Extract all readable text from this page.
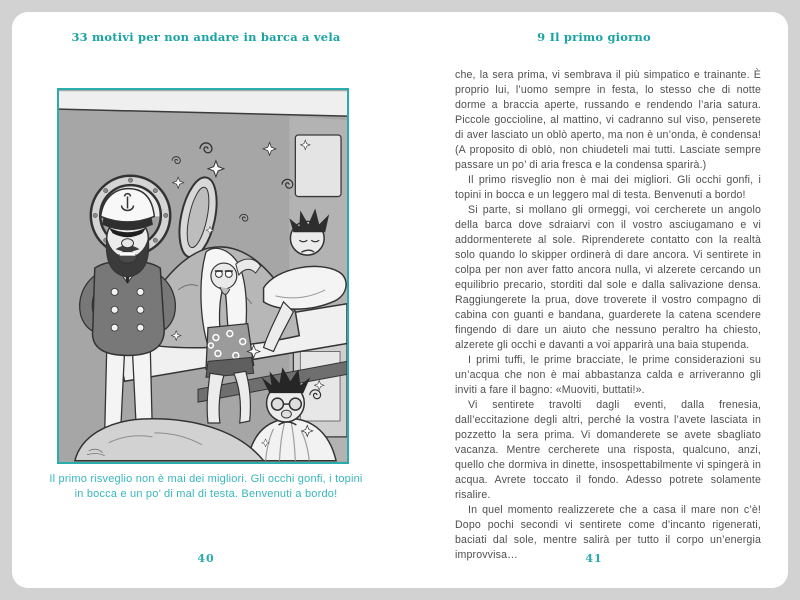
33 motivi per non andare in barca a vela
Il primo risveglio non è mai dei migliori. Gli occhi gonfi, i topini
in bocca e un po’ di mal di testa. Benvenuti a bordo!
40
9 Il primo giorno

che, la sera prima, vi sembrava il più simpatico e trainante. È proprio lui, l’uomo sempre in festa, lo stesso che di notte dorme a braccia aperte, russando e rendendo l’aria satura. Piccole goccioline, al mattino, vi cadranno sul viso, penserete di aver lasciato un oblò aperto, ma non è un’onda, è condensa! (A proposito di oblò, non chiudeteli mai tutti. Lasciate sempre passare un po’ di aria fresca e la condensa sparirà.)

Il primo risveglio non è mai dei migliori. Gli occhi gonfi, i topini in bocca e un leggero mal di testa. Benvenuti a bordo!

Si parte, si mollano gli ormeggi, voi cercherete un angolo della barca dove sdraiarvi con il vostro asciugamano e vi addormenterete al sole. Riprenderete contatto con la realtà solo quando lo skipper ordinerà di dare ancora. Vi sentirete in colpa per non aver fatto ancora nulla, vi alzerete cercando un equilibrio precario, storditi dal sole e dalla salivazione densa. Raggiungerete la prua, dove troverete il vostro compagno di cabina con guanti e bandana, guarderete la catena scendere fingendo di dare un aiuto che nessuno peraltro ha chiesto, alzerete gli occhi e davanti a voi apparirà una baia stupenda.

I primi tuffi, le prime bracciate, le prime considerazioni su un’acqua che non è mai abbastanza calda e arriveranno gli inviti a fare il bagno: «Muoviti, buttati!».

Vi sentirete travolti dagli eventi, dalla frenesia, dall’eccitazione degli altri, perché la vostra l’avete lasciata in pozzetto la sera prima. Vi domanderete se avete sbagliato vacanza. Mentre cercherete una risposta, qualcuno, anzi, quello che dormiva in dinette, insospettabilmente vi spingerà in acqua. Avrete toccato il fondo. Adesso potrete solamente risalire.

In quel momento realizzerete che a casa il mare non c’è! Dopo pochi secondi vi sentirete come d’incanto rigenerati, baciati dal sole, mentre salirà per tutto il corpo un’energia improvvisa…	41
